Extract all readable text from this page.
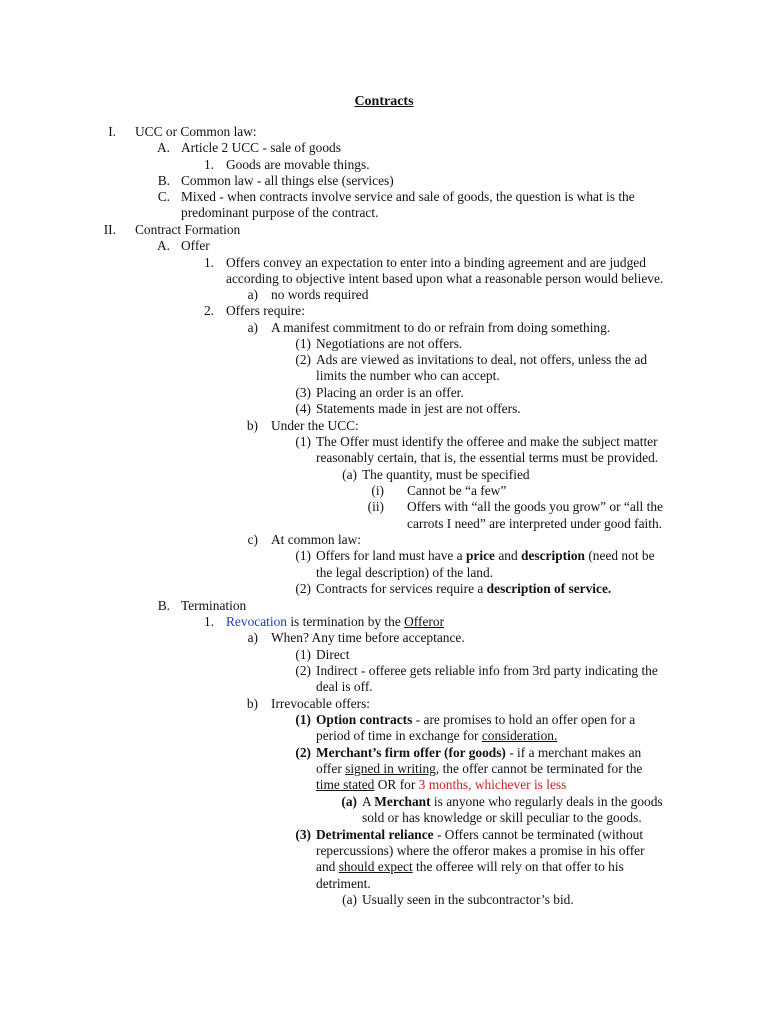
Contracts
I. UCC or Common law:
A. Article 2 UCC - sale of goods
1. Goods are movable things.
B. Common law - all things else (services)
C. Mixed - when contracts involve service and sale of goods, the question is what is the
predominant purpose of the contract.
II. Contract Formation
A. Offer
1. Offers convey an expectation to enter into a binding agreement and are judged
according to objective intent based upon what a reasonable person would believe.
a) no words required
2. Offers require:
a) A manifest commitment to do or refrain from doing something.
(1) Negotiations are not offers.
(2) Ads are viewed as invitations to deal, not offers, unless the ad
limits the number who can accept.
(3) Placing an order is an offer.
(4) Statements made in jest are not offers.
b) Under the UCC:
(1) The Offer must identify the offeree and make the subject matter
reasonably certain, that is, the essential terms must be provided.
(a) The quantity, must be specified
(i) Cannot be “a few”
(ii) Offers with “all the goods you grow” or “all the
carrots I need” are interpreted under good faith.
c) At common law:
(1) Offers for land must have a price and description (need not be
the legal description) of the land.
(2) Contracts for services require a description of service.
B. Termination
1. Revocation is termination by the Offeror
a) When? Any time before acceptance.
(1) Direct
(2) Indirect - offeree gets reliable info from 3rd party indicating the
deal is off.
b) Irrevocable offers:
(1) Option contracts - are promises to hold an offer open for a
period of time in exchange for consideration.
(2) Merchant’s firm offer (for goods) - if a merchant makes an
offer signed in writing, the offer cannot be terminated for the
time stated OR for 3 months, whichever is less
(a) A Merchant is anyone who regularly deals in the goods
sold or has knowledge or skill peculiar to the goods.
(3) Detrimental reliance - Offers cannot be terminated (without
repercussions) where the offeror makes a promise in his offer
and should expect the offeree will rely on that offer to his
detriment.
(a) Usually seen in the subcontractor’s bid.
